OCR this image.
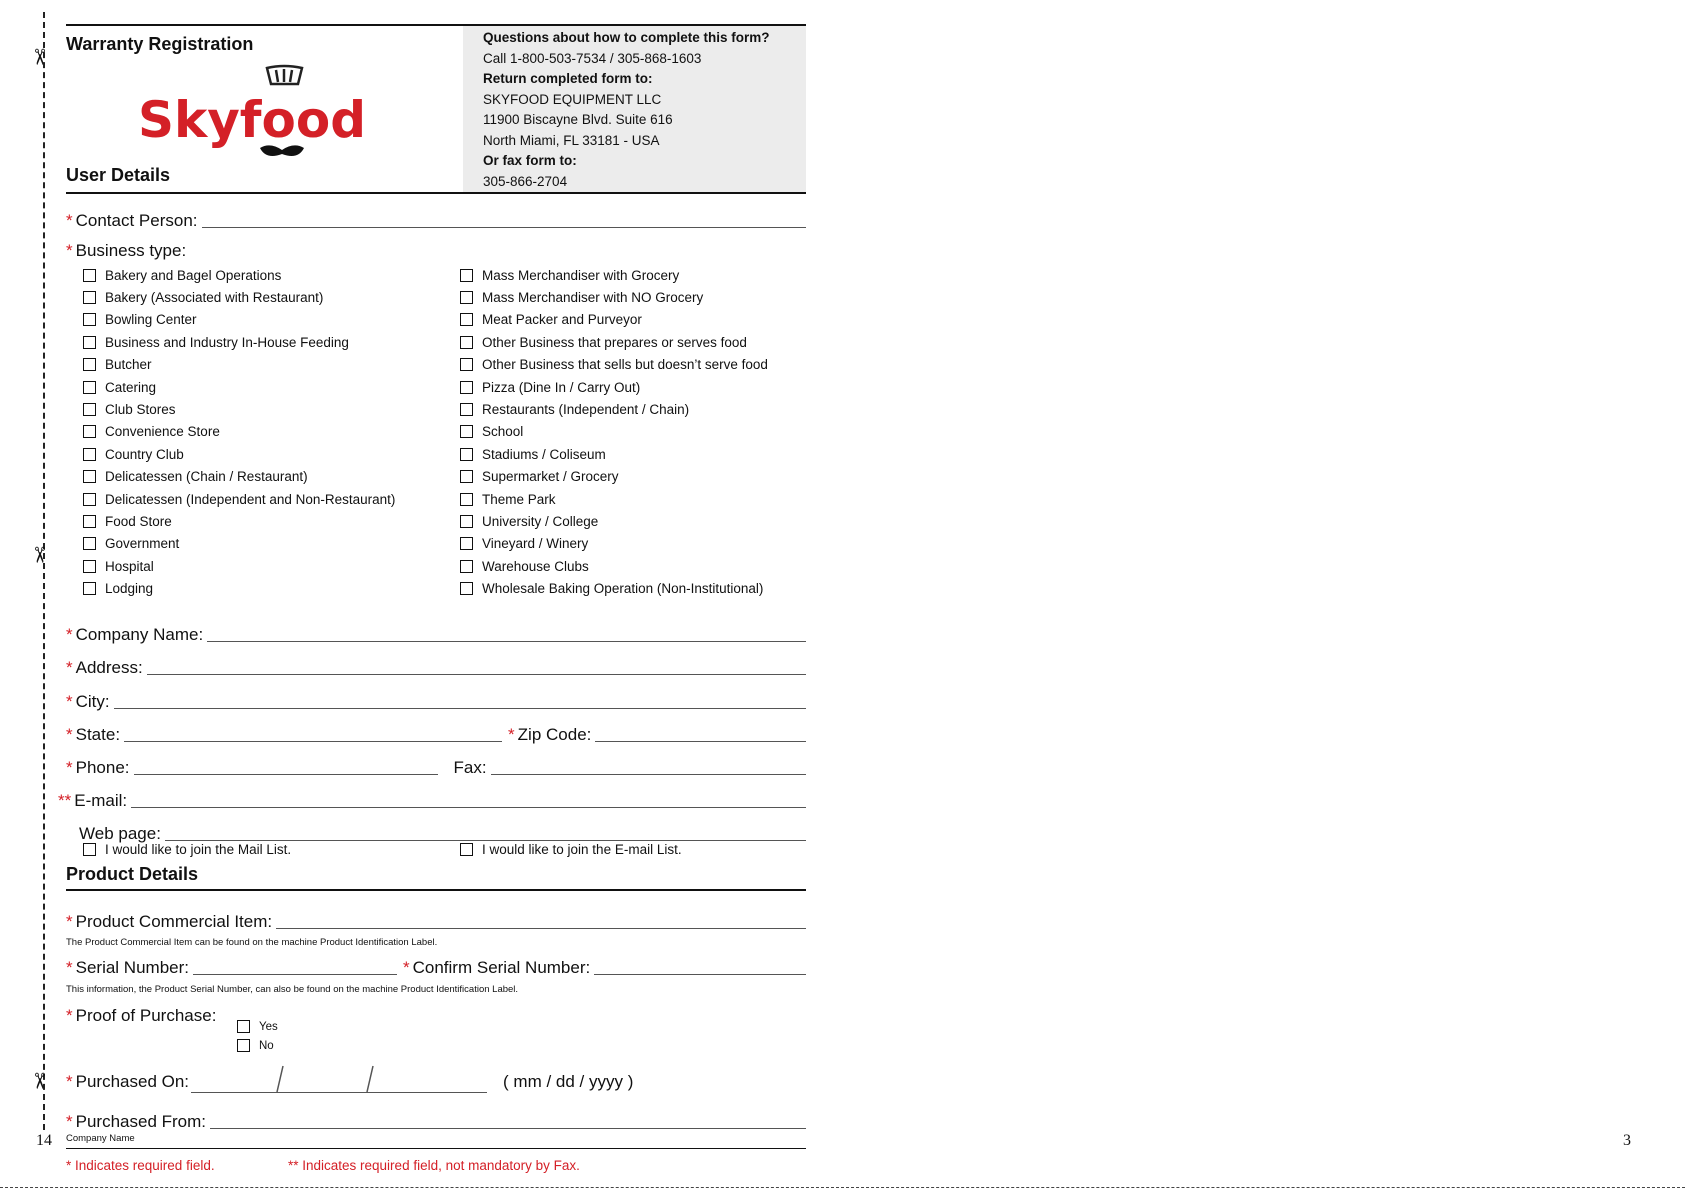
✂
✂
✂
14	3
Warranty Registration
Skyfood
Questions about how to complete this form?
Call 1-800-503-7534 / 305-868-1603
Return completed form to:
SKYFOOD EQUIPMENT LLC
11900 Biscayne Blvd. Suite 616
North Miami, FL 33181 - USA
Or fax form to:
305-866-2704
User Details
* Contact Person:
* Business type:
Bakery and Bagel Operations
Bakery (Associated with Restaurant)
Bowling Center
Business and Industry In-House Feeding
Butcher
Catering
Club Stores
Convenience Store
Country Club
Delicatessen (Chain / Restaurant)
Delicatessen (Independent and Non-Restaurant)
Food Store
Government
Hospital
Lodging
Mass Merchandiser with Grocery
Mass Merchandiser with NO Grocery
Meat Packer and Purveyor
Other Business that prepares or serves food
Other Business that sells but doesn’t serve food
Pizza (Dine In / Carry Out)
Restaurants (Independent / Chain)
School
Stadiums / Coliseum
Supermarket / Grocery
Theme Park
University / College
Vineyard / Winery
Warehouse Clubs
Wholesale Baking Operation (Non-Institutional)
* Company Name:
* Address:
* City:
* State:	* Zip Code:
* Phone:	Fax:
** E-mail:
Web page:
I would like to join the Mail List.	I would like to join the E-mail List.
Product Details
* Product Commercial Item:
The Product Commercial Item can be found on the machine Product Identification Label.
* Serial Number:	* Confirm Serial Number:
This information, the Product Serial Number, can also be found on the machine Product Identification Label.
* Proof of Purchase:
Yes
No
* Purchased On:	( mm / dd / yyyy )
* Purchased From:
Company Name
* Indicates required field.	** Indicates required field, not mandatory by Fax.
